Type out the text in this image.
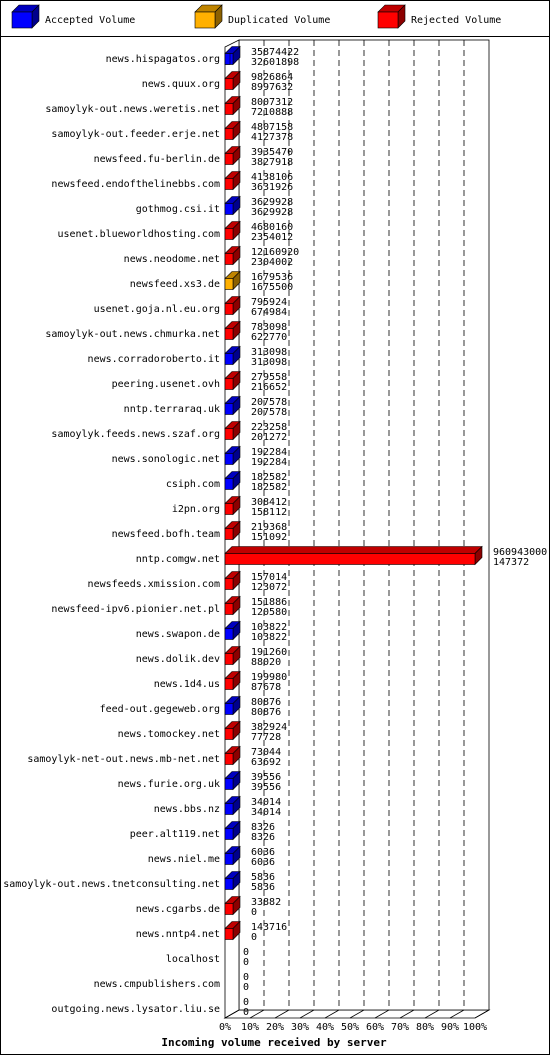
Accepted Volume	Duplicated Volume	Rejected Volume
news.hispagatos.org
news.quux.org
samoylyk-out.news.weretis.net
samoylyk-out.feeder.erje.net
newsfeed.fu-berlin.de
newsfeed.endofthelinebbs.com
gothmog.csi.it
usenet.blueworldhosting.com
news.neodome.net
newsfeed.xs3.de
usenet.goja.nl.eu.org
samoylyk-out.news.chmurka.net
news.corradoroberto.it
peering.usenet.ovh
nntp.terraraq.uk
samoylyk.feeds.news.szaf.org
news.sonologic.net
csiph.com
i2pn.org
newsfeed.bofh.team
nntp.comgw.net
newsfeeds.xmission.com
newsfeed-ipv6.pionier.net.pl
news.swapon.de
news.dolik.dev
news.1d4.us
feed-out.gegeweb.org
news.tomockey.net
samoylyk-net-out.news.mb-net.net
news.furie.org.uk
news.bbs.nz
peer.alt119.net
news.niel.me
samoylyk-out.news.tnetconsulting.net
news.cgarbs.de
news.nntp4.net
localhost
news.cmpublishers.com
outgoing.news.lysator.liu.se
35874422
32601898
9826864
8997632
8007312
7210888
4807158
4127378
3935470
3827918
4138106
3631926
3629928
3629928
4680160
2354012
12160920
2304002
1679536
1675500
795924
674984
783098
622770
313098
313098
279558
216652
207578
207578
223258
201272
192284
192284
182582
182582
308412
158112
219368
151092
960943000
147372
157014
123072
151886
120580
103822
103822
191260
88020
199980
87678
80876
80876
382924
77728
73044
63692
39556
39556
34014
34014
8326
8326
6036
6036
5836
5836
33882
0
143716
0
0
0
0
0
0
0
0% 10% 20% 30% 40% 50% 60% 70% 80% 90% 100%
Incoming volume received by server
